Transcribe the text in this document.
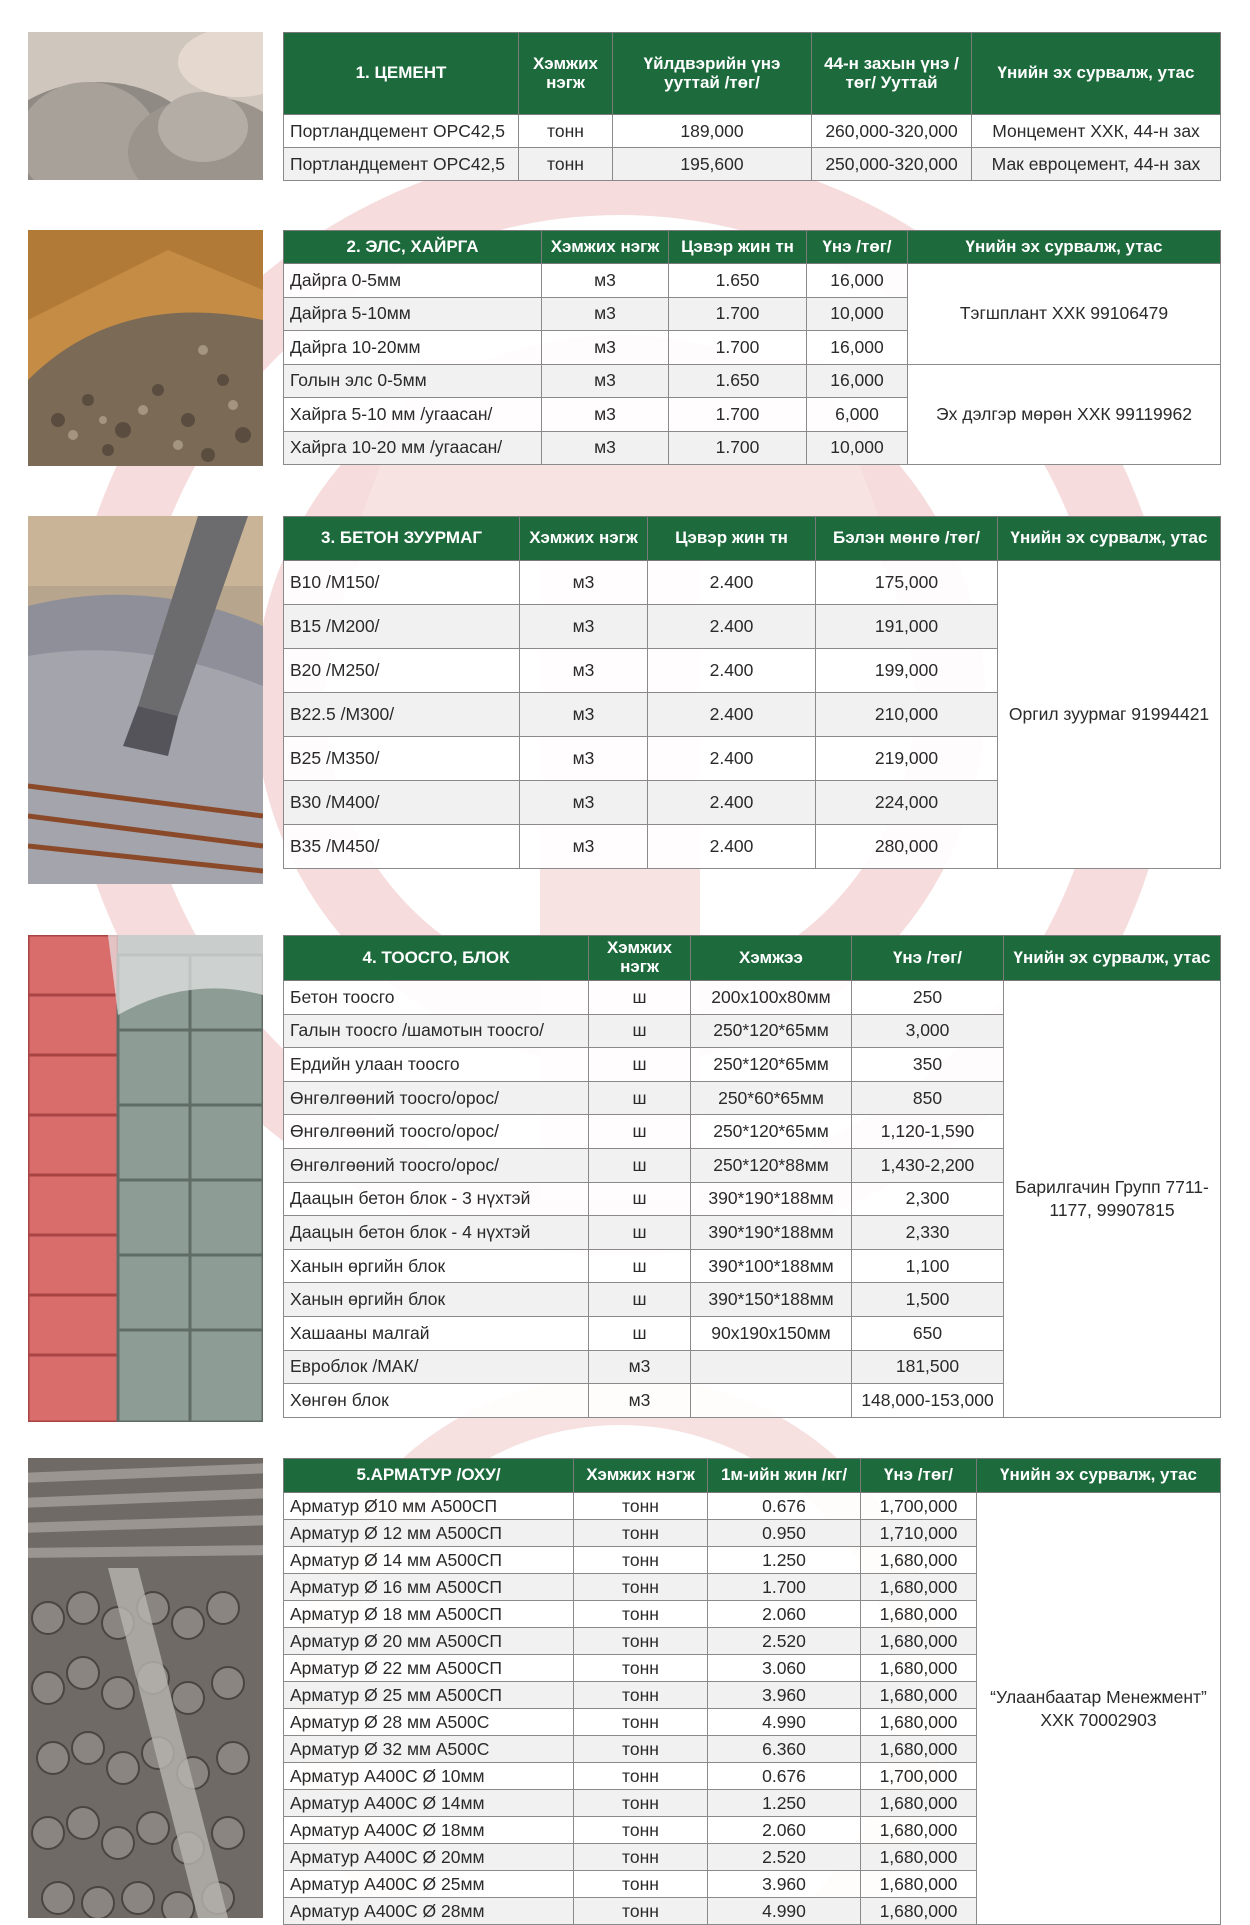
1. ЦЕМЕНТ	Хэмжих нэгж	Үйлдвэрийн үнэ ууттай /төг/	44-н захын үнэ /төг/ Ууттай	Үнийн эх сурвалж, утас
Портландцемент OPC42,5	тонн	189,000	260,000-320,000	Монцемент ХХК, 44-н зах
Портландцемент OPC42,5	тонн	195,600	250,000-320,000	Мак евроцемент, 44-н зах
2. ЭЛС, ХАЙРГА	Хэмжих нэгж	Цэвэр жин тн	Үнэ /төг/	Үнийн эх сурвалж, утас
Дайрга 0-5мм	м3	1.650	16,000	Тэгшплант ХХК 99106479
Дайрга 5-10мм	м3	1.700	10,000	
Дайрга 10-20мм	м3	1.700	16,000	
Голын элс 0-5мм	м3	1.650	16,000	Эх дэлгэр мөрөн ХХК 99119962
Хайрга 5-10 мм /угаасан/	м3	1.700	6,000	
Хайрга 10-20 мм /угаасан/	м3	1.700	10,000	
3. БЕТОН ЗУУРМАГ	Хэмжих нэгж	Цэвэр жин тн	Бэлэн мөнгө /төг/	Үнийн эх сурвалж, утас
B10 /M150/	м3	2.400	175,000	Оргил зуурмаг 91994421
B15 /M200/	м3	2.400	191,000	
B20 /M250/	м3	2.400	199,000	
B22.5 /M300/	м3	2.400	210,000	
B25 /M350/	м3	2.400	219,000	
B30 /M400/	м3	2.400	224,000	
B35 /M450/	м3	2.400	280,000	
4. ТООСГО, БЛОК	Хэмжих нэгж	Хэмжээ	Үнэ /төг/	Үнийн эх сурвалж, утас
Бетон тоосго	ш	200х100х80мм	250	Барилгачин Групп 7711-1177, 99907815
Галын тоосго /шамотын тоосго/	ш	250*120*65мм	3,000	
Ердийн улаан тоосго	ш	250*120*65мм	350	
Өнгөлгөөний тоосго/орос/	ш	250*60*65мм	850	
Өнгөлгөөний тоосго/орос/	ш	250*120*65мм	1,120-1,590	
Өнгөлгөөний тоосго/орос/	ш	250*120*88мм	1,430-2,200	
Даацын бетон блок - 3 нүхтэй	ш	390*190*188мм	2,300	
Даацын бетон блок - 4 нүхтэй	ш	390*190*188мм	2,330	
Ханын өргийн блок	ш	390*100*188мм	1,100	
Ханын өргийн блок	ш	390*150*188мм	1,500	
Хашааны малгай	ш	90х190х150мм	650	
Евроблок /МАК/	м3		181,500	
Хөнгөн блок	м3		148,000-153,000	
5.АРМАТУР /ОХУ/	Хэмжих нэгж	1м-ийн жин /кг/	Үнэ /төг/	Үнийн эх сурвалж, утас
Арматур Ø10 мм А500СП	тонн	0.676	1,700,000	“Улаанбаатар Менежмент” ХХК 70002903
Арматур Ø 12 мм А500СП	тонн	0.950	1,710,000	
Арматур Ø 14 мм А500СП	тонн	1.250	1,680,000	
Арматур Ø 16 мм А500СП	тонн	1.700	1,680,000	
Арматур Ø 18 мм А500СП	тонн	2.060	1,680,000	
Арматур Ø 20 мм А500СП	тонн	2.520	1,680,000	
Арматур Ø 22 мм А500СП	тонн	3.060	1,680,000	
Арматур Ø 25 мм А500СП	тонн	3.960	1,680,000	
Арматур Ø 28 мм А500С	тонн	4.990	1,680,000	
Арматур Ø 32 мм А500С	тонн	6.360	1,680,000	
Арматур А400С Ø 10мм	тонн	0.676	1,700,000	
Арматур А400С Ø 14мм	тонн	1.250	1,680,000	
Арматур А400С Ø 18мм	тонн	2.060	1,680,000	
Арматур А400С Ø 20мм	тонн	2.520	1,680,000	
Арматур А400С Ø 25мм	тонн	3.960	1,680,000	
Арматур А400С Ø 28мм	тонн	4.990	1,680,000	
